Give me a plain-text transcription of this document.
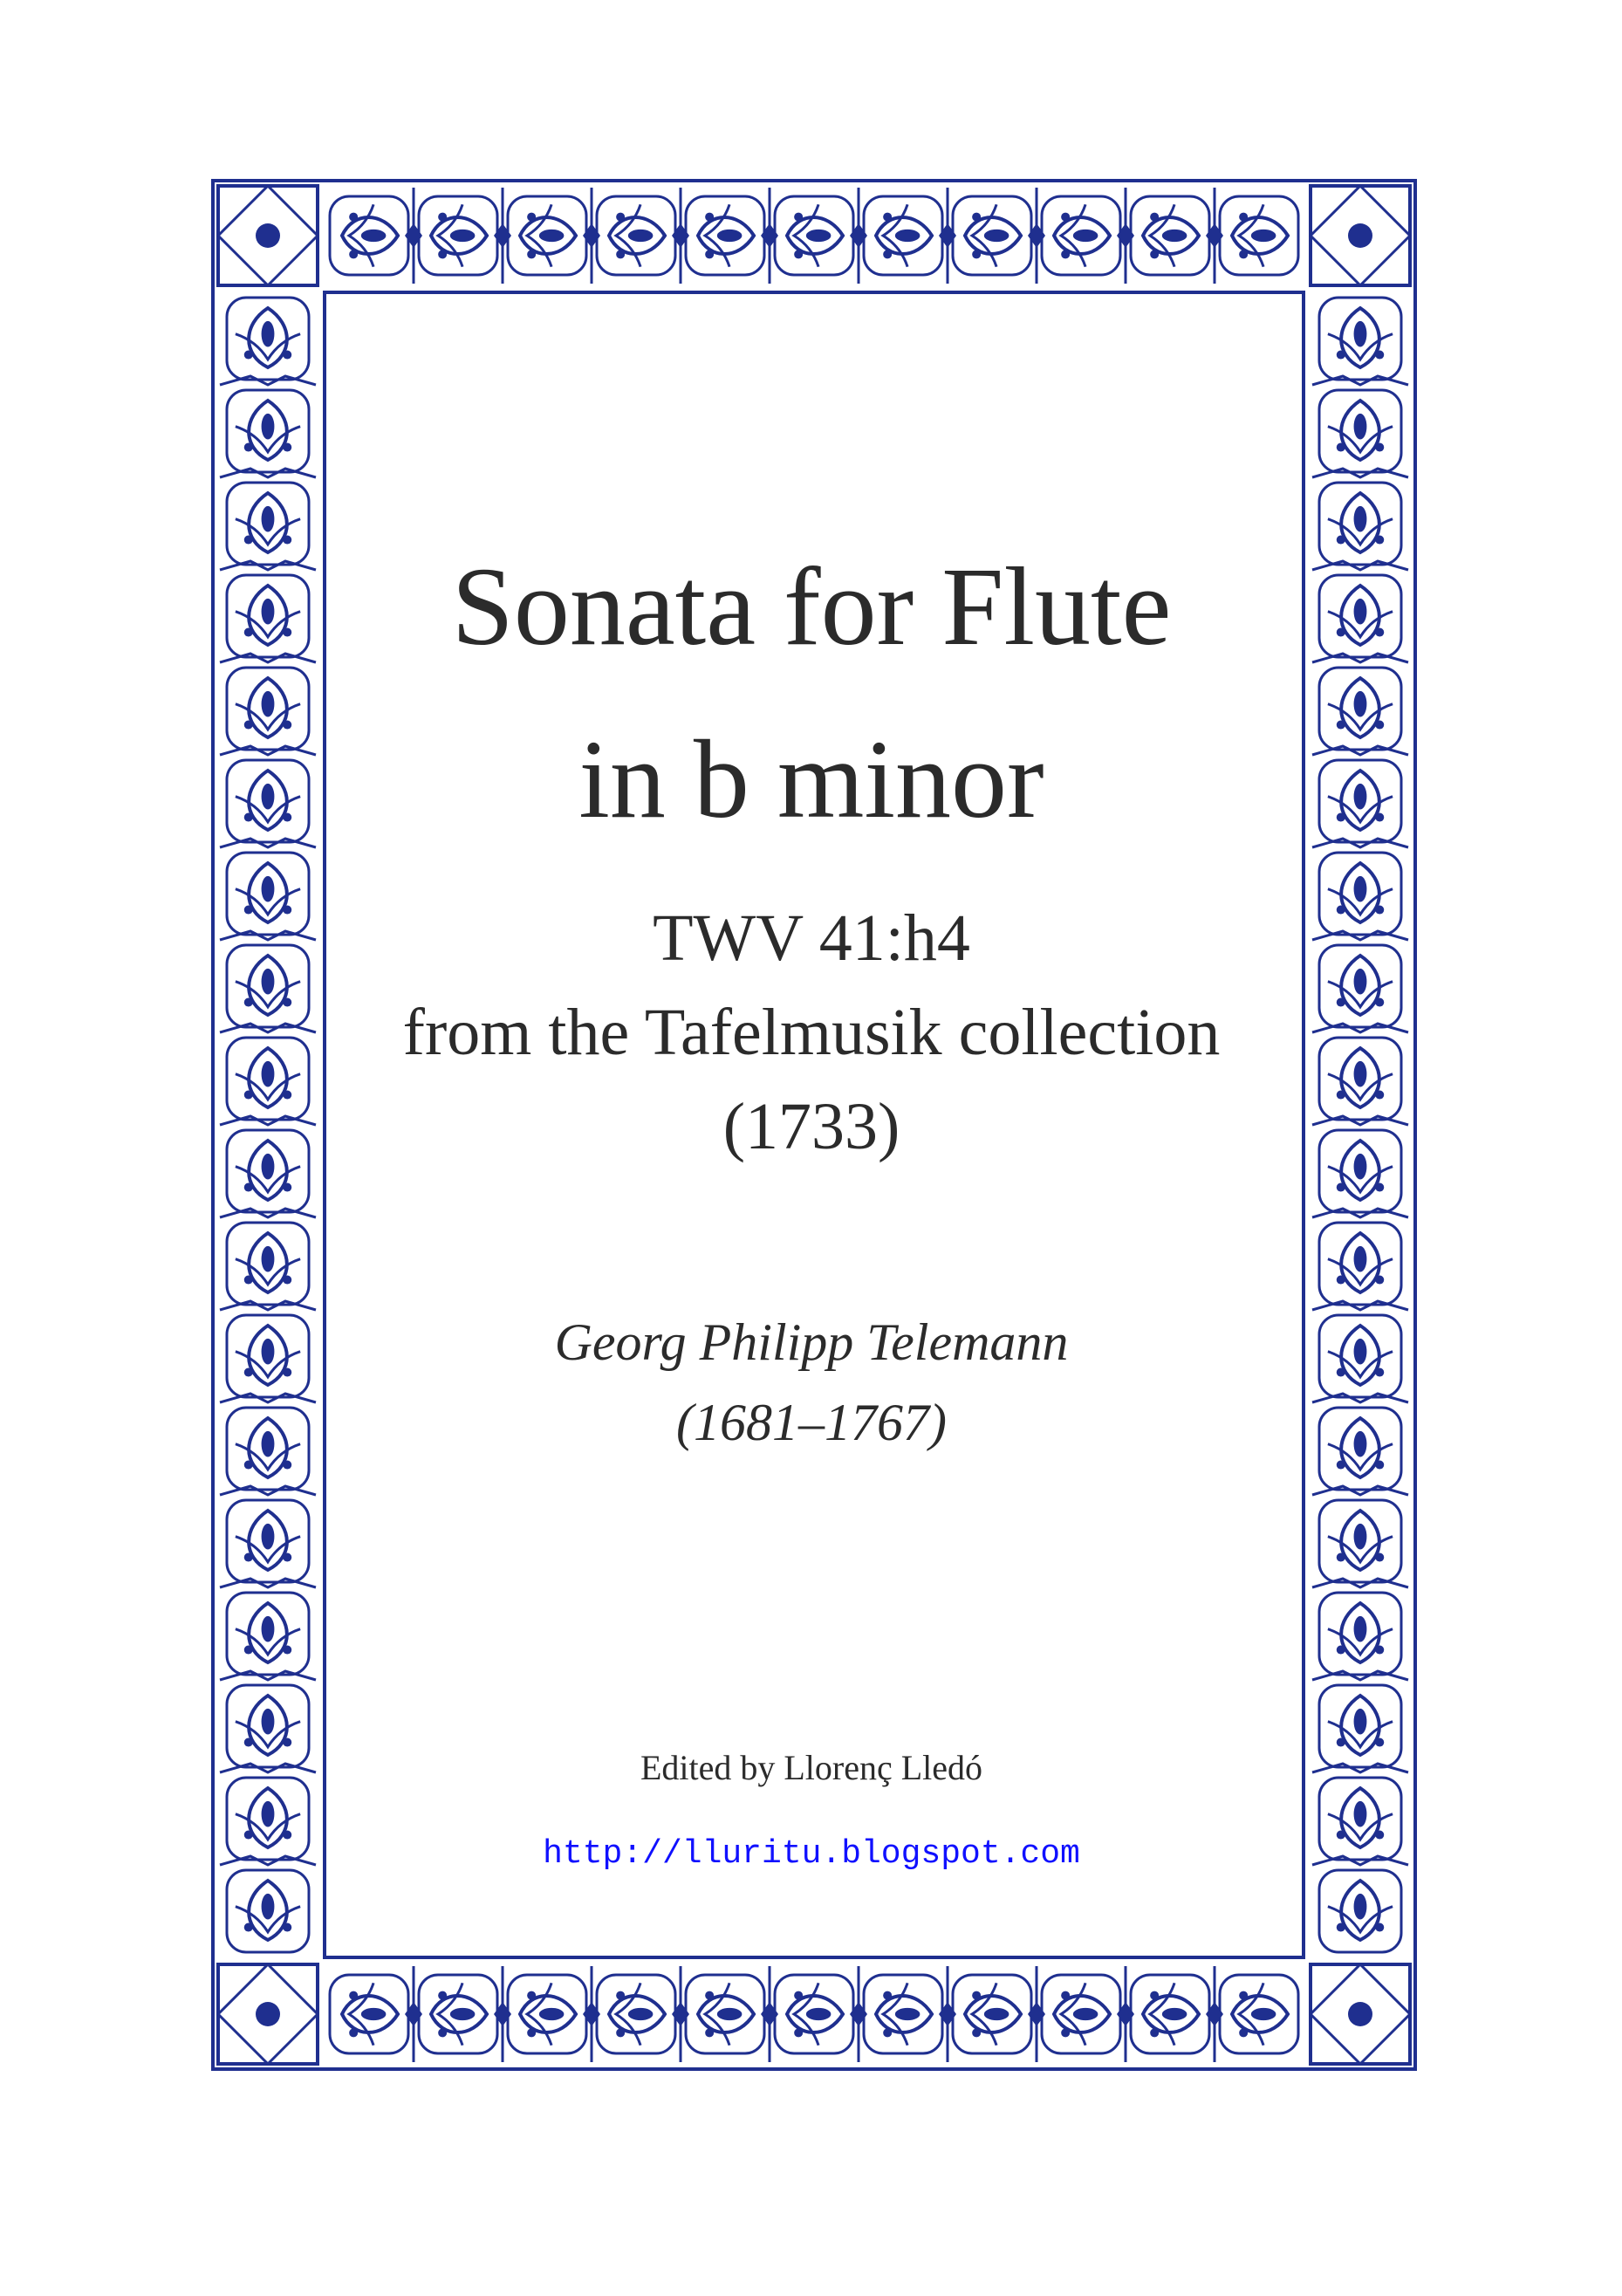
Sonata for Flute
in b minor
TWV 41:h4
from the Tafelmusik collection
(1733)
Georg Philipp Telemann
(1681–1767)
Edited by Llorenç Lledó
http://lluritu.blogspot.com
